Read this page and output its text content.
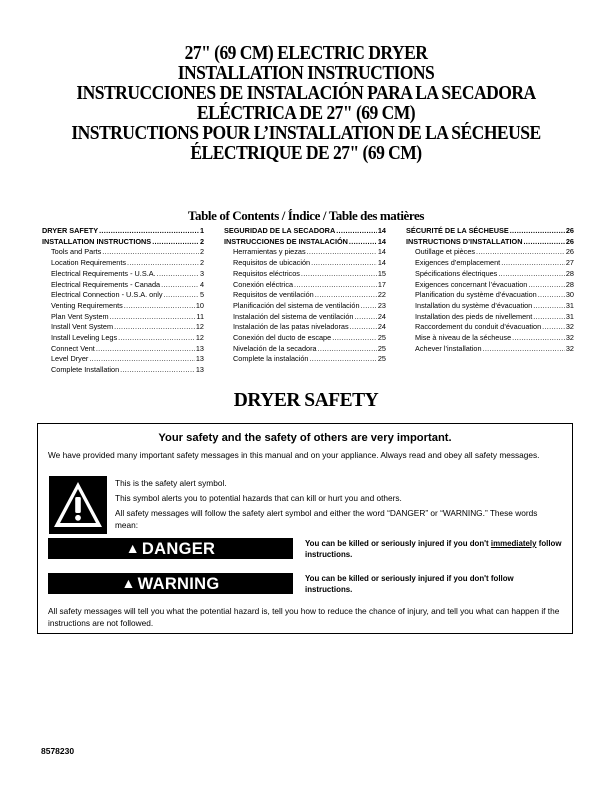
27" (69 CM) ELECTRIC DRYER
INSTALLATION INSTRUCTIONS
INSTRUCCIONES DE INSTALACIÓN PARA LA SECADORA
ELÉCTRICA DE 27" (69 CM)
INSTRUCTIONS POUR L’INSTALLATION DE LA SÉCHEUSE
ÉLECTRIQUE DE 27" (69 CM)
Table of Contents / Índice / Table des matières
DRYER SAFETY .....	1
INSTALLATION INSTRUCTIONS .....	2
Tools and Parts .....	2
Location Requirements .....	2
Electrical Requirements - U.S.A. .....	3
Electrical Requirements - Canada .....	4
Electrical Connection - U.S.A. only .....	5
Venting Requirements .....	10
Plan Vent System .....	11
Install Vent System .....	12
Install Leveling Legs .....	12
Connect Vent .....	13
Level Dryer .....	13
Complete Installation .....	13
SEGURIDAD DE LA SECADORA .....	14
INSTRUCCIONES DE INSTALACIÓN .....	14
Herramientas y piezas .....	14
Requisitos de ubicación .....	14
Requisitos eléctricos .....	15
Conexión eléctrica .....	17
Requisitos de ventilación .....	22
Planificación del sistema de ventilación .....	23
Instalación del sistema de ventilación .....	24
Instalación de las patas niveladoras .....	24
Conexión del ducto de escape .....	25
Nivelación de la secadora .....	25
Complete la instalación .....	25
SÉCURITÉ DE LA SÉCHEUSE .....	26
INSTRUCTIONS D’INSTALLATION .....	26
Outillage et pièces .....	26
Exigences d’emplacement .....	27
Spécifications électriques .....	28
Exigences concernant l’évacuation .....	28
Planification du système d’évacuation .....	30
Installation du système d’évacuation .....	31
Installation des pieds de nivellement .....	31
Raccordement du conduit d’évacuation .....	32
Mise à niveau de la sécheuse .....	32
Achever l’installation .....	32
DRYER SAFETY
Your safety and the safety of others are very important.
We have provided many important safety messages in this manual and on your appliance. Always read and obey all safety messages.
This is the safety alert symbol.
This symbol alerts you to potential hazards that can kill or hurt you and others.
All safety messages will follow the safety alert symbol and either the word “DANGER” or “WARNING.” These words mean:
▲ DANGER	You can be killed or seriously injured if you don't immediately follow instructions.
▲ WARNING	You can be killed or seriously injured if you don't follow instructions.
All safety messages will tell you what the potential hazard is, tell you how to reduce the chance of injury, and tell you what can happen if the instructions are not followed.
8578230
